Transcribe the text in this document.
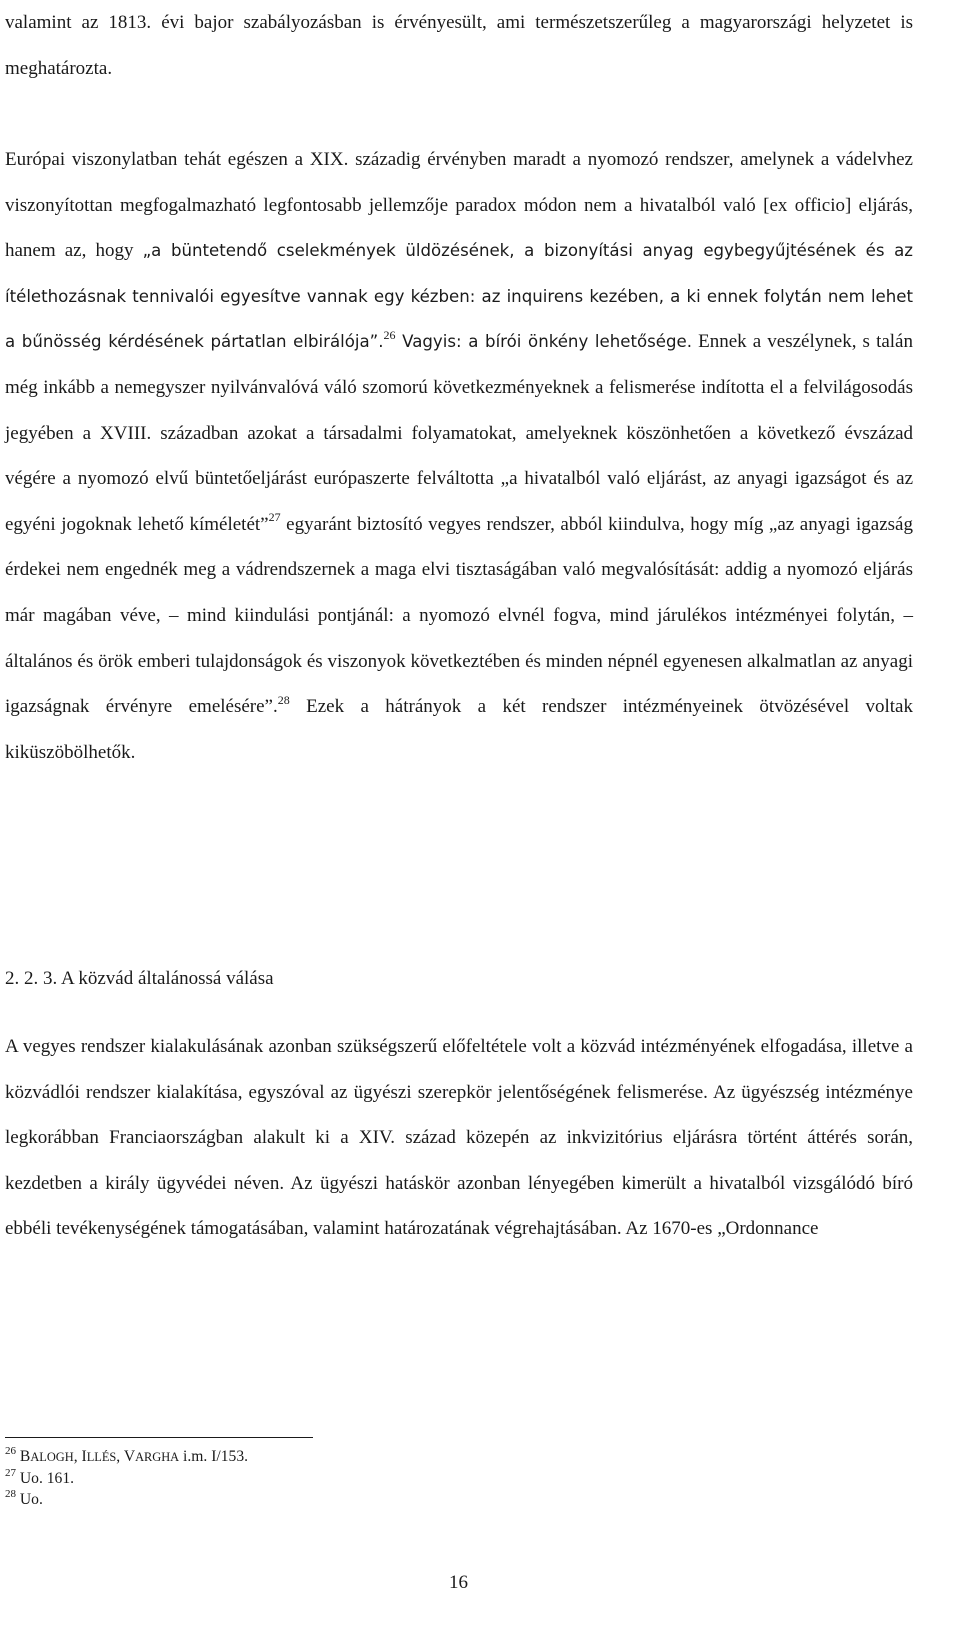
valamint az 1813. évi bajor szabályozásban is érvényesült, ami természetszerűleg a magyarországi helyzetet is meghatározta.

Európai viszonylatban tehát egészen a XIX. századig érvényben maradt a nyomozó rendszer, amelynek a vádelvhez viszonyítottan megfogalmazható legfontosabb jellemzője paradox módon nem a hivatalból való [ex officio] eljárás, hanem az, hogy „a büntetendő cselekmények üldözésének, a bizonyítási anyag egybegyűjtésének és az ítélethozásnak tennivalói egyesítve vannak egy kézben: az inquirens kezében, a ki ennek folytán nem lehet a bűnösség kérdésének pártatlan elbirálója”.$^{26}$ Vagyis: a bírói önkény lehetősége. Ennek a veszélynek, s talán még inkább a nemegyszer nyilvánvalóvá váló szomorú következményeknek a felismerése indította el a felvilágosodás jegyében a XVIII. században azokat a társadalmi folyamatokat, amelyeknek köszönhetően a következő évszázad végére a nyomozó elvű büntetőeljárást európaszerte felváltotta „a hivatalból való eljárást, az anyagi igazságot és az egyéni jogoknak lehető kíméletét”$^{27}$ egyaránt biztosító vegyes rendszer, abból kiindulva, hogy míg „az anyagi igazság érdekei nem engednék meg a vádrendszernek a maga elvi tisztaságában való megvalósítását: addig a nyomozó eljárás már magában véve, – mind kiindulási pontjánál: a nyomozó elvnél fogva, mind járulékos intézményei folytán, – általános és örök emberi tulajdonságok és viszonyok következtében és minden népnél egyenesen alkalmatlan az anyagi igazságnak érvényre emelésére”.$^{28}$ Ezek a hátrányok a két rendszer intézményeinek ötvözésével voltak kiküszöbölhetők.

2. 2. 3. A közvád általánossá válása

A vegyes rendszer kialakulásának azonban szükségszerű előfeltétele volt a közvád intézményének elfogadása, illetve a közvádlói rendszer kialakítása, egyszóval az ügyészi szerepkör jelentőségének felismerése. Az ügyészség intézménye legkorábban Franciaországban alakult ki a XIV. század közepén az inkvizitórius eljárásra történt áttérés során, kezdetben a király ügyvédei néven. Az ügyészi hatáskör azonban lényegében kimerült a hivatalból vizsgálódó bíró ebbéli tevékenységének támogatásában, valamint határozatának végrehajtásában. Az 1670-es „Ordonnance

$^{26}$ BALOGH, ILLÉS, VARGHA i.m. I/153.

$^{27}$ Uo. 161.

$^{28}$ Uo.

16
